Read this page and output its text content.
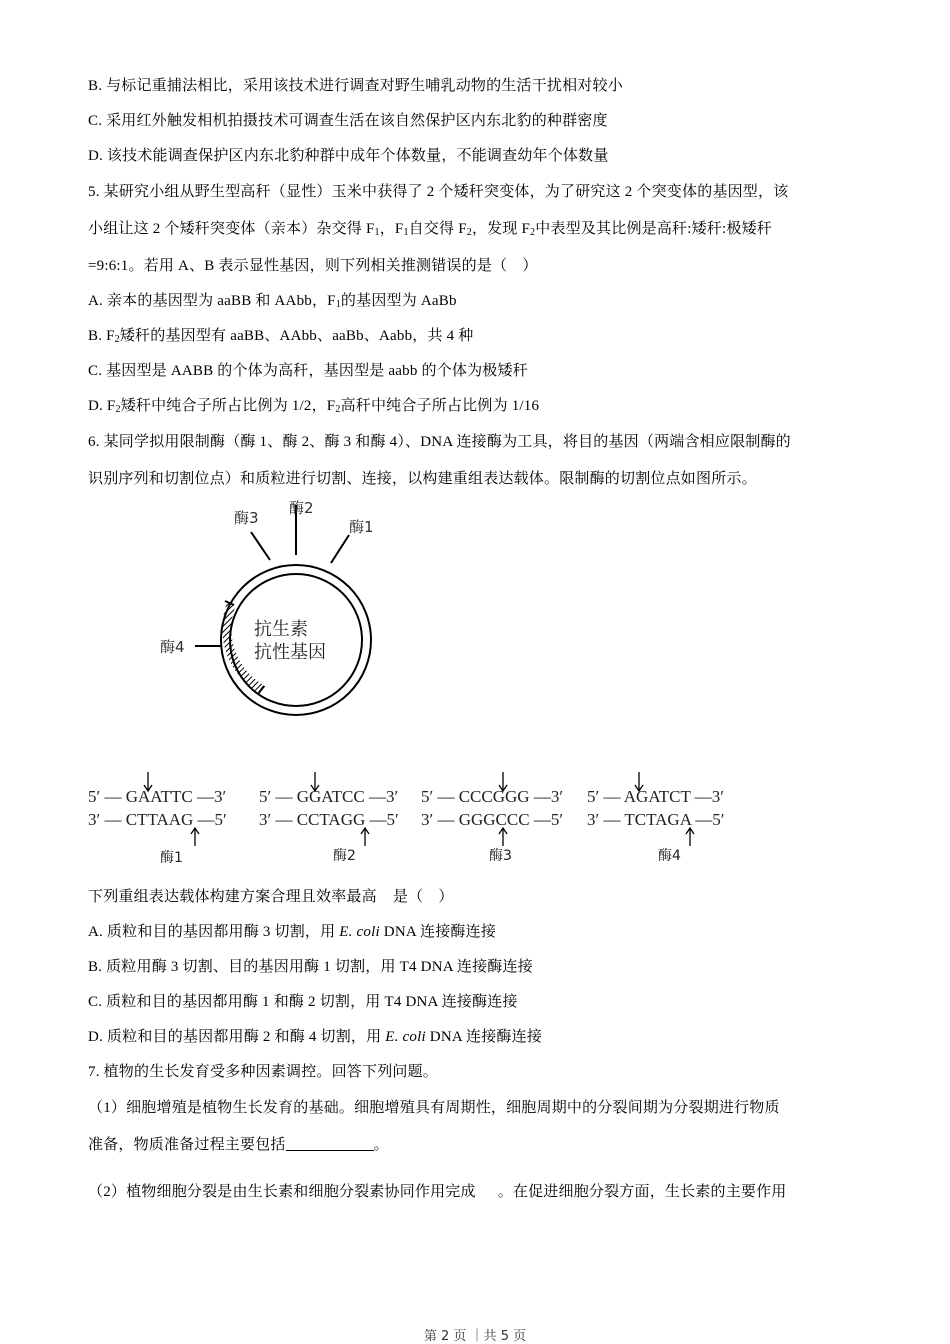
B. 与标记重捕法相比，采用该技术进行调查对野生哺乳动物的生活干扰相对较小
C. 采用红外触发相机拍摄技术可调查生活在该自然保护区内东北豹的种群密度
D. 该技术能调查保护区内东北豹种群中成年个体数量，不能调查幼年个体数量
5. 某研究小组从野生型高秆（显性）玉米中获得了 2 个矮秆突变体，为了研究这 2 个突变体的基因型，该
小组让这 2 个矮秆突变体（亲本）杂交得 $F_1$，$F_1$自交得 $F_2$，发现 $F_2$中表型及其比例是高秆:矮秆:极矮秆
=9:6:1。若用 A、B 表示显性基因，则下列相关推测错误的是（　）
A. 亲本的基因型为 aaBB 和 AAbb，$F_1$的基因型为 AaBb
B. $F_2$矮秆的基因型有 aaBB、AAbb、aaBb、Aabb，共 4 种
C. 基因型是 AABB 的个体为高秆，基因型是 aabb 的个体为极矮秆
D. $F_2$矮秆中纯合子所占比例为 1/2，$F_2$高秆中纯合子所占比例为 1/16
6. 某同学拟用限制酶（酶 1、酶 2、酶 3 和酶 4）、DNA 连接酶为工具，将目的基因（两端含相应限制酶的
识别序列和切割位点）和质粒进行切割、连接，以构建重组表达载体。限制酶的切割位点如图所示。
酶3
酶2
酶1
酶4
抗生素
抗性基因
5′ — GAATTC —3′
3′ — CTTAAG —5′
酶1
5′ — GGATCC —3′
3′ — CCTAGG —5′
酶2
5′ — CCCGGG —3′
3′ — GGGCCC —5′
酶3
5′ — AGATCT —3′
3′ — TCTAGA —5′
酶4
下列重组表达载体构建方案合理且效率最高 是（　）
A. 质粒和目的基因都用酶 3 切割，用 E. coli DNA 连接酶连接
B. 质粒用酶 3 切割、目的基因用酶 1 切割，用 T4 DNA 连接酶连接
C. 质粒和目的基因都用酶 1 和酶 2 切割，用 T4 DNA 连接酶连接
D. 质粒和目的基因都用酶 2 和酶 4 切割，用 E. coli DNA 连接酶连接
7. 植物的生长发育受多种因素调控。回答下列问题。
（1）细胞增殖是植物生长发育的基础。细胞增殖具有周期性，细胞周期中的分裂间期为分裂期进行物质
准备，物质准备过程主要包括	。
（2）植物细胞分裂是由生长素和细胞分裂素协同作用完成 。在促进细胞分裂方面，生长素的主要作用
第 2 页 ｜共 5 页
